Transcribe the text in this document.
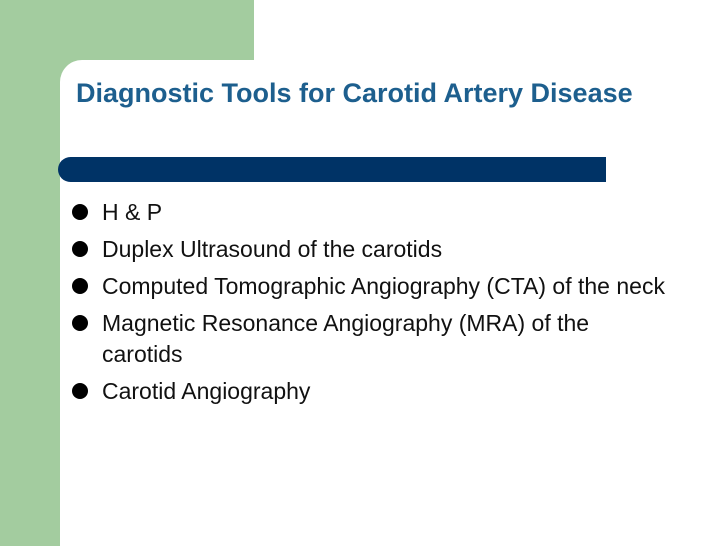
Diagnostic Tools for Carotid Artery Disease
H & P
Duplex Ultrasound of the carotids
Computed Tomographic Angiography (CTA) of the neck
Magnetic Resonance Angiography (MRA) of the carotids
Carotid Angiography
